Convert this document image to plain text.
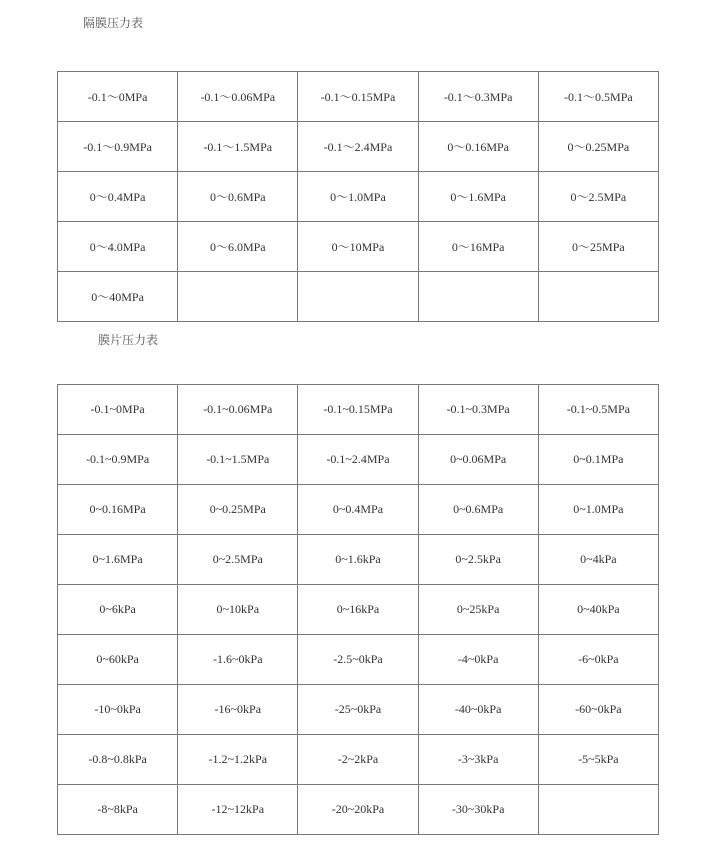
隔膜压力表
-0.1～0MPa	-0.1～0.06MPa	-0.1～0.15MPa	-0.1～0.3MPa	-0.1～0.5MPa
-0.1～0.9MPa	-0.1～1.5MPa	-0.1～2.4MPa	0～0.16MPa	0～0.25MPa
0～0.4MPa	0～0.6MPa	0～1.0MPa	0～1.6MPa	0～2.5MPa
0～4.0MPa	0～6.0MPa	0～10MPa	0～16MPa	0～25MPa
0～40MPa				
膜片压力表
-0.1~0MPa	-0.1~0.06MPa	-0.1~0.15MPa	-0.1~0.3MPa	-0.1~0.5MPa
-0.1~0.9MPa	-0.1~1.5MPa	-0.1~2.4MPa	0~0.06MPa	0~0.1MPa
0~0.16MPa	0~0.25MPa	0~0.4MPa	0~0.6MPa	0~1.0MPa
0~1.6MPa	0~2.5MPa	0~1.6kPa	0~2.5kPa	0~4kPa
0~6kPa	0~10kPa	0~16kPa	0~25kPa	0~40kPa
0~60kPa	-1.6~0kPa	-2.5~0kPa	-4~0kPa	-6~0kPa
-10~0kPa	-16~0kPa	-25~0kPa	-40~0kPa	-60~0kPa
-0.8~0.8kPa	-1.2~1.2kPa	-2~2kPa	-3~3kPa	-5~5kPa
-8~8kPa	-12~12kPa	-20~20kPa	-30~30kPa	
